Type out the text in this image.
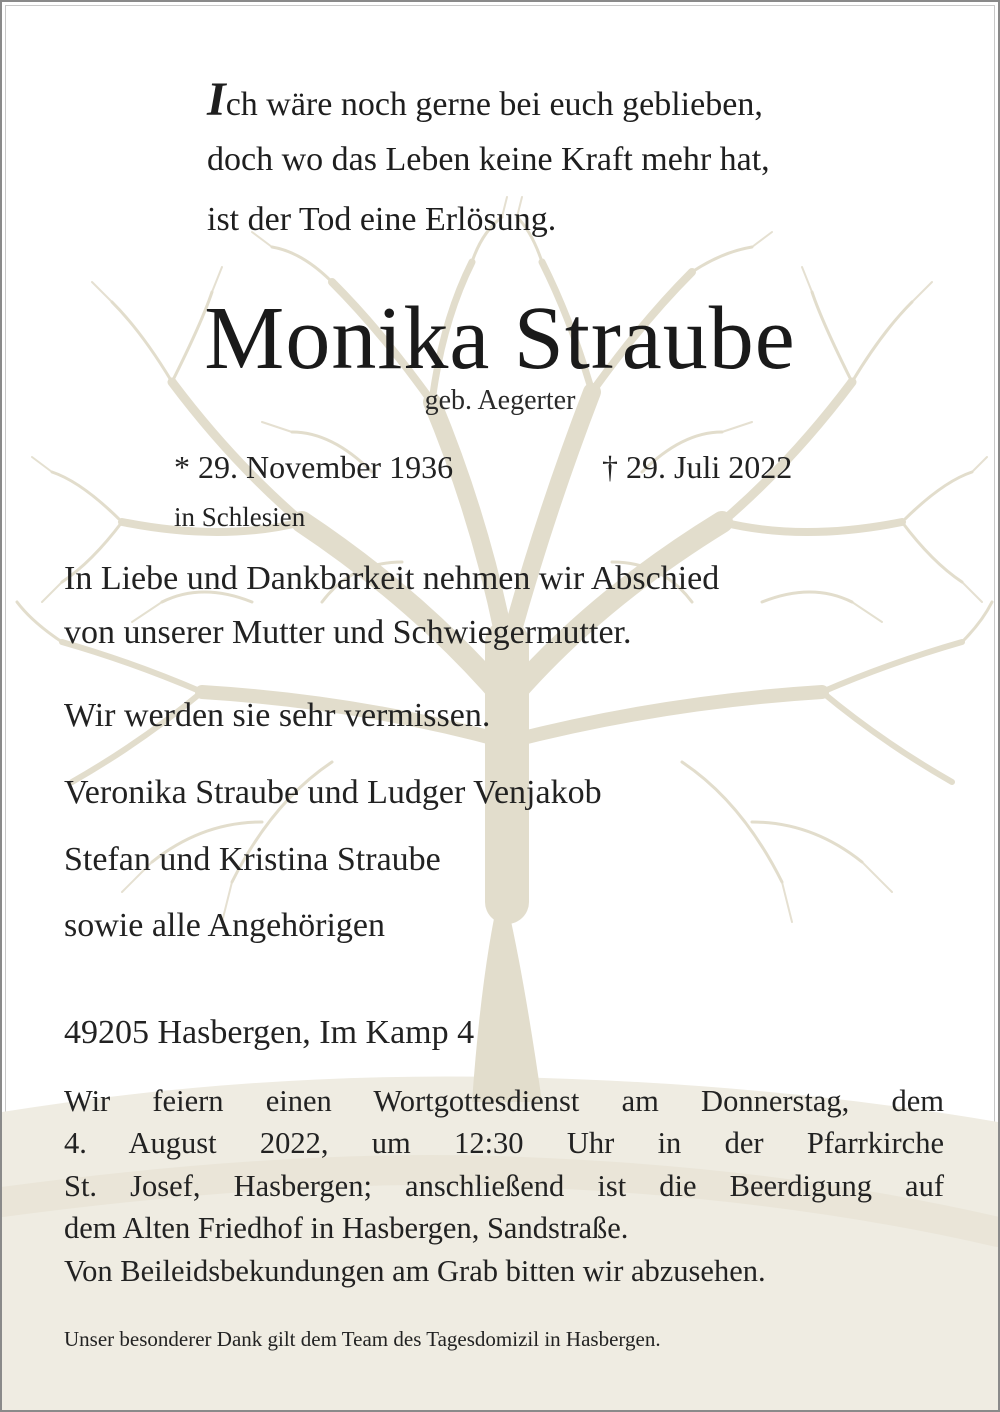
Ich wäre noch gerne bei euch geblieben,
doch wo das Leben keine Kraft mehr hat,
ist der Tod eine Erlösung.
Monika Straube
geb. Aegerter
* 29. November 1936	† 29. Juli 2022
in Schlesien
In Liebe und Dankbarkeit nehmen wir Abschied
von unserer Mutter und Schwiegermutter.
Wir werden sie sehr vermissen.
Veronika Straube und Ludger Venjakob
Stefan und Kristina Straube
sowie alle Angehörigen
49205 Hasbergen, Im Kamp 4
Wir feiern einen Wortgottesdienst am Donnerstag, dem
4. August 2022, um 12:30 Uhr in der Pfarrkirche
St. Josef, Hasbergen; anschließend ist die Beerdigung auf
dem Alten Friedhof in Hasbergen, Sandstraße.
Von Beileidsbekundungen am Grab bitten wir abzusehen.
Unser besonderer Dank gilt dem Team des Tagesdomizil in Hasbergen.
